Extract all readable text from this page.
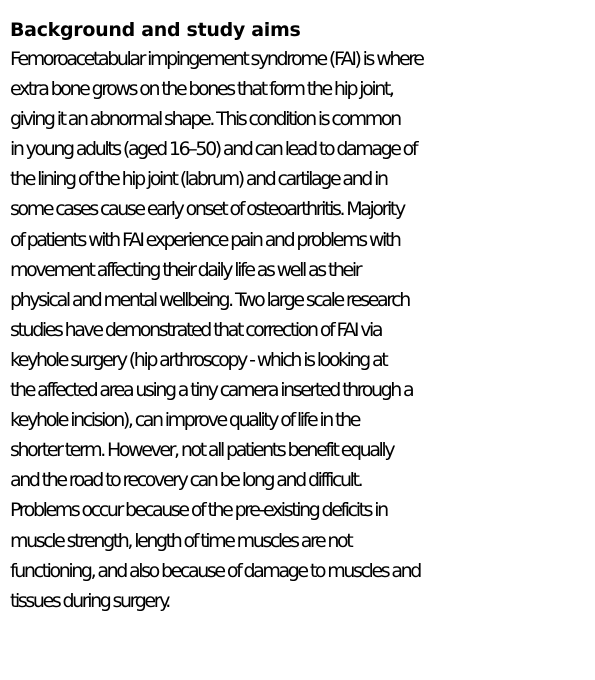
Background and study aims

Femoroacetabular impingement syndrome (FAI) is where
extra bone grows on the bones that form the hip joint,
giving it an abnormal shape. This condition is common
in young adults (aged 16–50) and can lead to damage of
the lining of the hip joint (labrum) and cartilage and in
some cases cause early onset of osteoarthritis. Majority
of patients with FAI experience pain and problems with
movement affecting their daily life as well as their
physical and mental wellbeing. Two large scale research
studies have demonstrated that correction of FAI via
keyhole surgery (hip arthroscopy - which is looking at
the affected area using a tiny camera inserted through a
keyhole incision), can improve quality of life in the
shorter term. However, not all patients benefit equally
and the road to recovery can be long and difficult.
Problems occur because of the pre-existing deficits in
muscle strength, length of time muscles are not
functioning, and also because of damage to muscles and
tissues during surgery.
